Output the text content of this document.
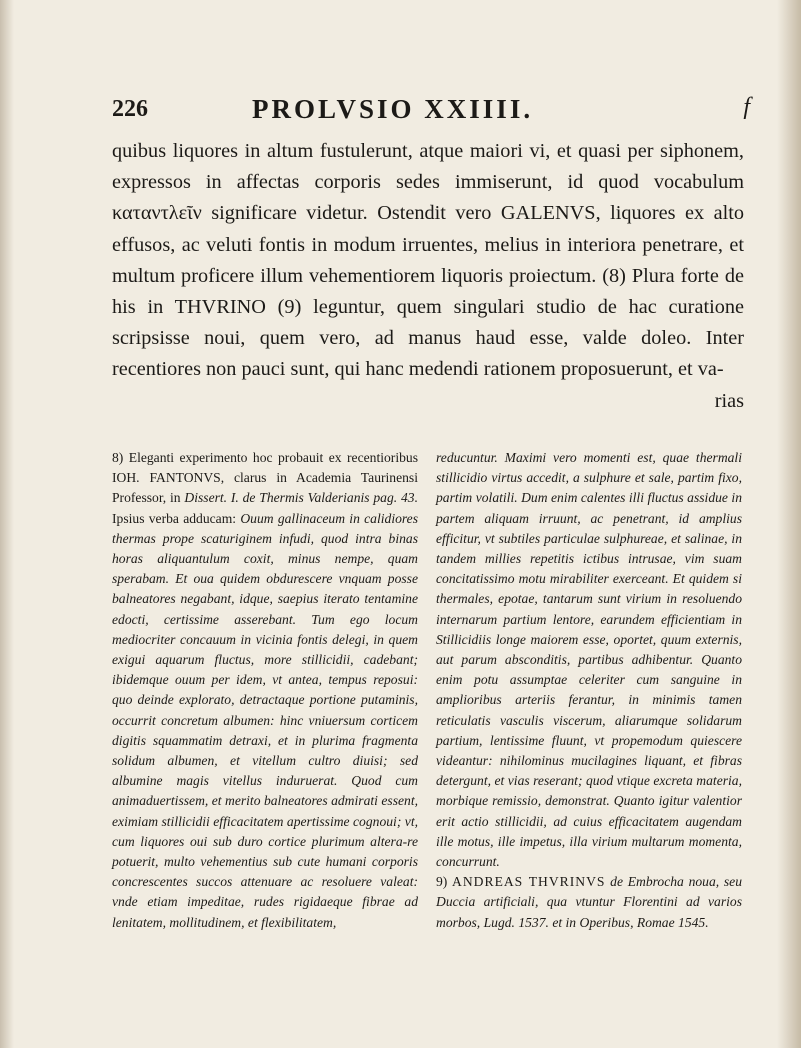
226	PROLVSIO XXIIII.	f

quibus liquores in altum fustulerunt, atque maiori vi, et quasi per siphonem, expressos in affectas corporis sedes immiserunt, id quod vocabulum καταντλεῖν significare videtur. Ostendit vero GALENVS, liquores ex alto effusos, ac veluti fontis in modum irruentes, melius in interiora penetrare, et multum proficere illum vehementiorem liquoris proiectum. (8) Plura forte de his in THVRINO (9) leguntur, quem singulari studio de hac curatione scripsisse noui, quem vero, ad manus haud esse, valde doleo. Inter recentiores non pauci sunt, qui hanc medendi rationem proposuerunt, et va-

rias

8) Eleganti experimento hoc probauit ex recentioribus IOH. FANTONVS, clarus in Academia Taurinensi Professor, in Dissert. I. de Thermis Valderianis pag. 43. Ipsius verba adducam: Ouum gallinaceum in calidiores thermas prope scaturiginem infudi, quod intra binas horas aliquantulum coxit, minus nempe, quam sperabam. Et oua quidem obdurescere vnquam posse balneatores negabant, idque, saepius iterato tentamine edocti, certissime asserebant. Tum ego locum mediocriter concauum in vicinia fontis delegi, in quem exigui aquarum fluctus, more stillicidii, cadebant; ibidemque ouum per idem, vt antea, tempus reposui: quo deinde explorato, detractaque portione putaminis, occurrit concretum albumen: hinc vniuersum corticem digitis squammatim detraxi, et in plurima fragmenta solidum albumen, et vitellum cultro diuisi; sed albumine magis vitellus induruerat. Quod cum animaduertissem, et merito balneatores admirati essent, eximiam stillicidii efficacitatem apertissime cognoui; vt, cum liquores oui sub duro cortice plurimum altera-re potuerit, multo vehementius sub cute humani corporis concrescentes succos attenuare ac resoluere valeat: vnde etiam impeditae, rudes rigidaeque fibrae ad lenitatem, mollitudinem, et flexibilitatem,

reducuntur. Maximi vero momenti est, quae thermali stillicidio virtus accedit, a sulphure et sale, partim fixo, partim volatili. Dum enim calentes illi fluctus assidue in partem aliquam irruunt, ac penetrant, id amplius efficitur, vt subtiles particulae sulphureae, et salinae, in tandem millies repetitis ictibus intrusae, vim suam concitatissimo motu mirabiliter exerceant. Et quidem si thermales, epotae, tantarum sunt virium in resoluendo internarum partium lentore, earundem efficientiam in Stillicidiis longe maiorem esse, oportet, quum externis, aut parum absconditis, partibus adhibentur. Quanto enim potu assumptae celeriter cum sanguine in amplioribus arteriis ferantur, in minimis tamen reticulatis vasculis viscerum, aliarumque solidarum partium, lentissime fluunt, vt propemodum quiescere videantur: nihilominus mucilagines liquant, et fibras detergunt, et vias reserant; quod vtique excreta materia, morbique remissio, demonstrat. Quanto igitur valentior erit actio stillicidii, ad cuius efficacitatem augendam ille motus, ille impetus, illa virium multarum momenta, concurrunt.

9) ANDREAS THVRINVS de Embrocha noua, seu Duccia artificiali, qua vtuntur Florentini ad varios morbos, Lugd. 1537. et in Operibus, Romae 1545.
